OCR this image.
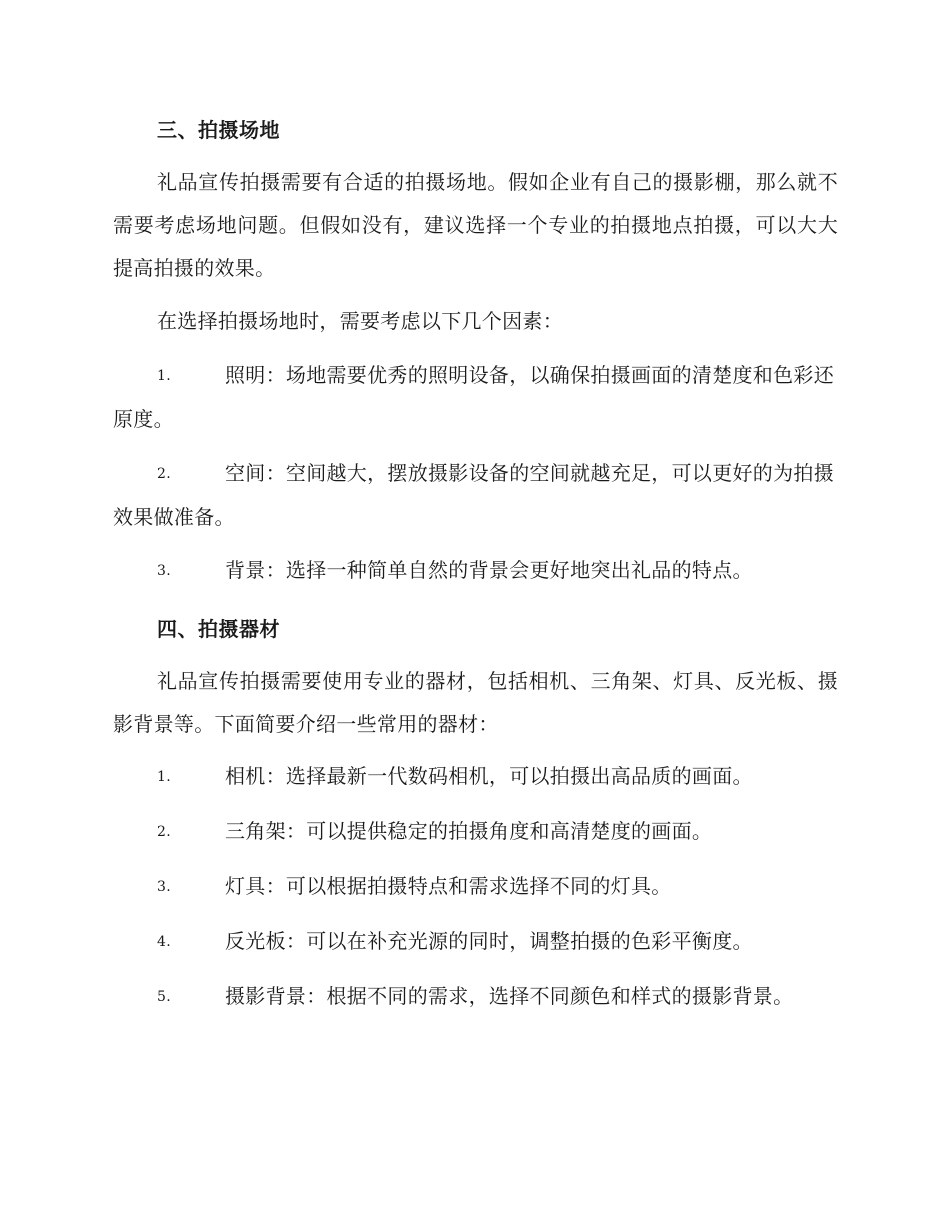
三、拍摄场地
礼品宣传拍摄需要有合适的拍摄场地。假如企业有自己的摄影棚，那么就不需要考虑场地问题。但假如没有，建议选择一个专业的拍摄地点拍摄，可以大大提高拍摄的效果。
在选择拍摄场地时，需要考虑以下几个因素：
1.	照明：场地需要优秀的照明设备，以确保拍摄画面的清楚度和色彩还原度。
2.	空间：空间越大，摆放摄影设备的空间就越充足，可以更好的为拍摄效果做准备。
3.	背景：选择一种简单自然的背景会更好地突出礼品的特点。
四、拍摄器材
礼品宣传拍摄需要使用专业的器材，包括相机、三角架、灯具、反光板、摄影背景等。下面简要介绍一些常用的器材：
1.	相机：选择最新一代数码相机，可以拍摄出高品质的画面。
2.	三角架：可以提供稳定的拍摄角度和高清楚度的画面。
3.	灯具：可以根据拍摄特点和需求选择不同的灯具。
4.	反光板：可以在补充光源的同时，调整拍摄的色彩平衡度。
5.	摄影背景：根据不同的需求，选择不同颜色和样式的摄影背景。
